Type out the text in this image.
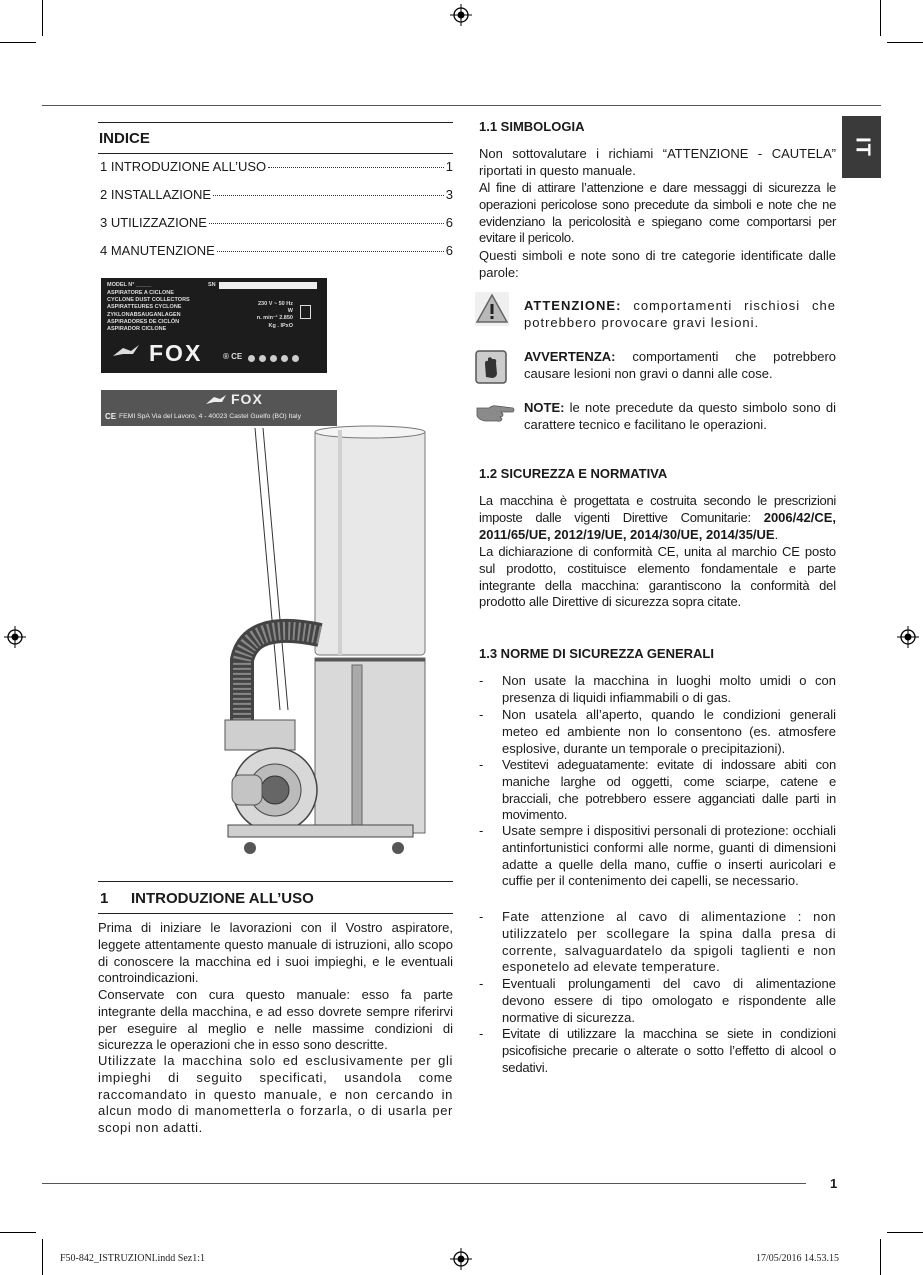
IT
INDICE
1 INTRODUZIONE ALL’USO	1
2 INSTALLAZIONE	3
3 UTILIZZAZIONE	6
4 MANUTENZIONE	6
MODEL N° _____	SN
ASPIRATORE A CICLONE
CYCLONE DUST COLLECTORS
ASPIRATTEURES CYCLONE
ZYKLONABSAUGANLAGEN
ASPIRADORES DE CICLÓN
ASPIRADOR CICLONE
230 V ~ 50 Hz
W
n. min⁻¹ 2.850
Kg . IPxO
FOX	® CE
FOX
CE FEMI SpA Via del Lavoro, 4 - 40023 Castel Guelfo (BO) Italy
1 INTRODUZIONE ALL’USO
Prima di iniziare le lavorazioni con il Vostro aspiratore, leggete attentamente questo manuale di istruzioni, allo scopo di conoscere la macchina ed i suoi impieghi, e le eventuali controindicazioni.
Conservate con cura questo manuale: esso fa parte integrante della macchina, e ad esso dovrete sempre riferirvi per eseguire al meglio e nelle massime condizioni di sicurezza le operazioni che in esso sono descritte.
Utilizzate la macchina solo ed esclusivamente per gli impieghi di seguito specificati, usandola come raccomandato in questo manuale, e non cercando in alcun modo di manometterla o forzarla, o di usarla per scopi non adatti.
1.1 SIMBOLOGIA
Non sottovalutare i richiami “ATTENZIONE - CAUTELA” riportati in questo manuale.
Al fine di attirare l’attenzione e dare messaggi di sicurezza le operazioni pericolose sono precedute da simboli e note che ne evidenziano la pericolosità e spiegano come comportarsi per evitare il pericolo.
Questi simboli e note sono di tre categorie identificate dalle parole:
ATTENZIONE: comportamenti rischiosi che potrebbero provocare gravi lesioni.
AVVERTENZA: comportamenti che potrebbero causare lesioni non gravi o danni alle cose.
NOTE: le note precedute da questo simbolo sono di carattere tecnico e facilitano le operazioni.
1.2 SICUREZZA E NORMATIVA
La macchina è progettata e costruita secondo le prescrizioni imposte dalle vigenti Direttive Comunitarie: 2006/42/CE, 2011/65/UE, 2012/19/UE, 2014/30/UE, 2014/35/UE.
La dichiarazione di conformità CE, unita al marchio CE posto sul prodotto, costituisce elemento fondamentale e parte integrante della macchina: garantiscono la conformità del prodotto alle Direttive di sicurezza sopra citate.
1.3 NORME DI SICUREZZA GENERALI
- Non usate la macchina in luoghi molto umidi o con presenza di liquidi infiammabili o di gas.
- Non usatela all’aperto, quando le condizioni generali meteo ed ambiente non lo consentono (es. atmosfere esplosive, durante un temporale o precipitazioni).
- Vestitevi adeguatamente: evitate di indossare abiti con maniche larghe od oggetti, come sciarpe, catene e bracciali, che potrebbero essere agganciati dalle parti in movimento.
- Usate sempre i dispositivi personali di protezione: occhiali antinfortunistici conformi alle norme, guanti di dimensioni adatte a quelle della mano, cuffie o inserti auricolari e cuffie per il contenimento dei capelli, se necessario.
- Fate attenzione al cavo di alimentazione : non utilizzatelo per scollegare la spina dalla presa di corrente, salvaguardatelo da spigoli taglienti e non esponetelo ad elevate temperature.
- Eventuali prolungamenti del cavo di alimentazione devono essere di tipo omologato e rispondente alle normative di sicurezza.
- Evitate di utilizzare la macchina se siete in condizioni psicofisiche precarie o alterate o sotto l’effetto di alcool o sedativi.
1
F50-842_ISTRUZIONI.indd Sez1:1	17/05/2016 14.53.15
